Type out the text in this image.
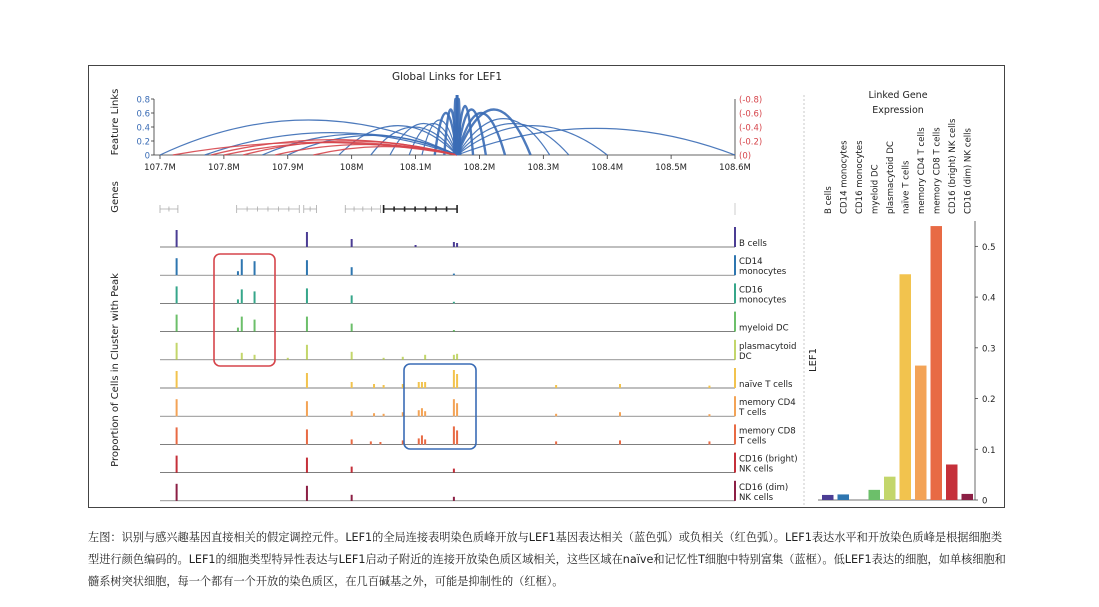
Global Links for LEF1
Feature Links 0.8
0.6
0.4
0.2
0
(-0.8)
(-0.6)
(-0.4)
(-0.2)
(0)
107.7M	107.8M	107.9M	108M	108.1M	108.2M	108.3M	108.4M	108.5M	108.6M
Genes
Proportion of Cells in Cluster with Peak
B cells
CD14
monocytes
CD16
monocytes
myeloid DC
plasmacytoid
DC
naïve T cells
memory CD4
T cells
memory CD8
T cells
CD16 (bright)
NK cells
CD16 (dim)
NK cells
Linked Gene
Expression
LEF1
0.5
0.4
0.3
0.2
0.1
0
B cells CD14 monocytes CD16 monocytes myeloid DC plasmacytoid DC naïve T cells memory CD4 T cells memory CD8 T cells CD16 (bright) NK cells CD16 (dim) NK cells
左图：识别与感兴趣基因直接相关的假定调控元件。LEF1的全局连接表明染色质峰开放与LEF1基因表达相关（蓝色弧）或负相关（红色弧）。LEF1表达水平和开放染色质峰是根据细胞类型进行颜色编码的。LEF1的细胞类型特异性表达与LEF1启动子附近的连接开放染色质区域相关，这些区域在naïve和记忆性T细胞中特别富集（蓝框）。低LEF1表达的细胞，如单核细胞和髓系树突状细胞，每一个都有一个开放的染色质区，在几百碱基之外，可能是抑制性的（红框）。
